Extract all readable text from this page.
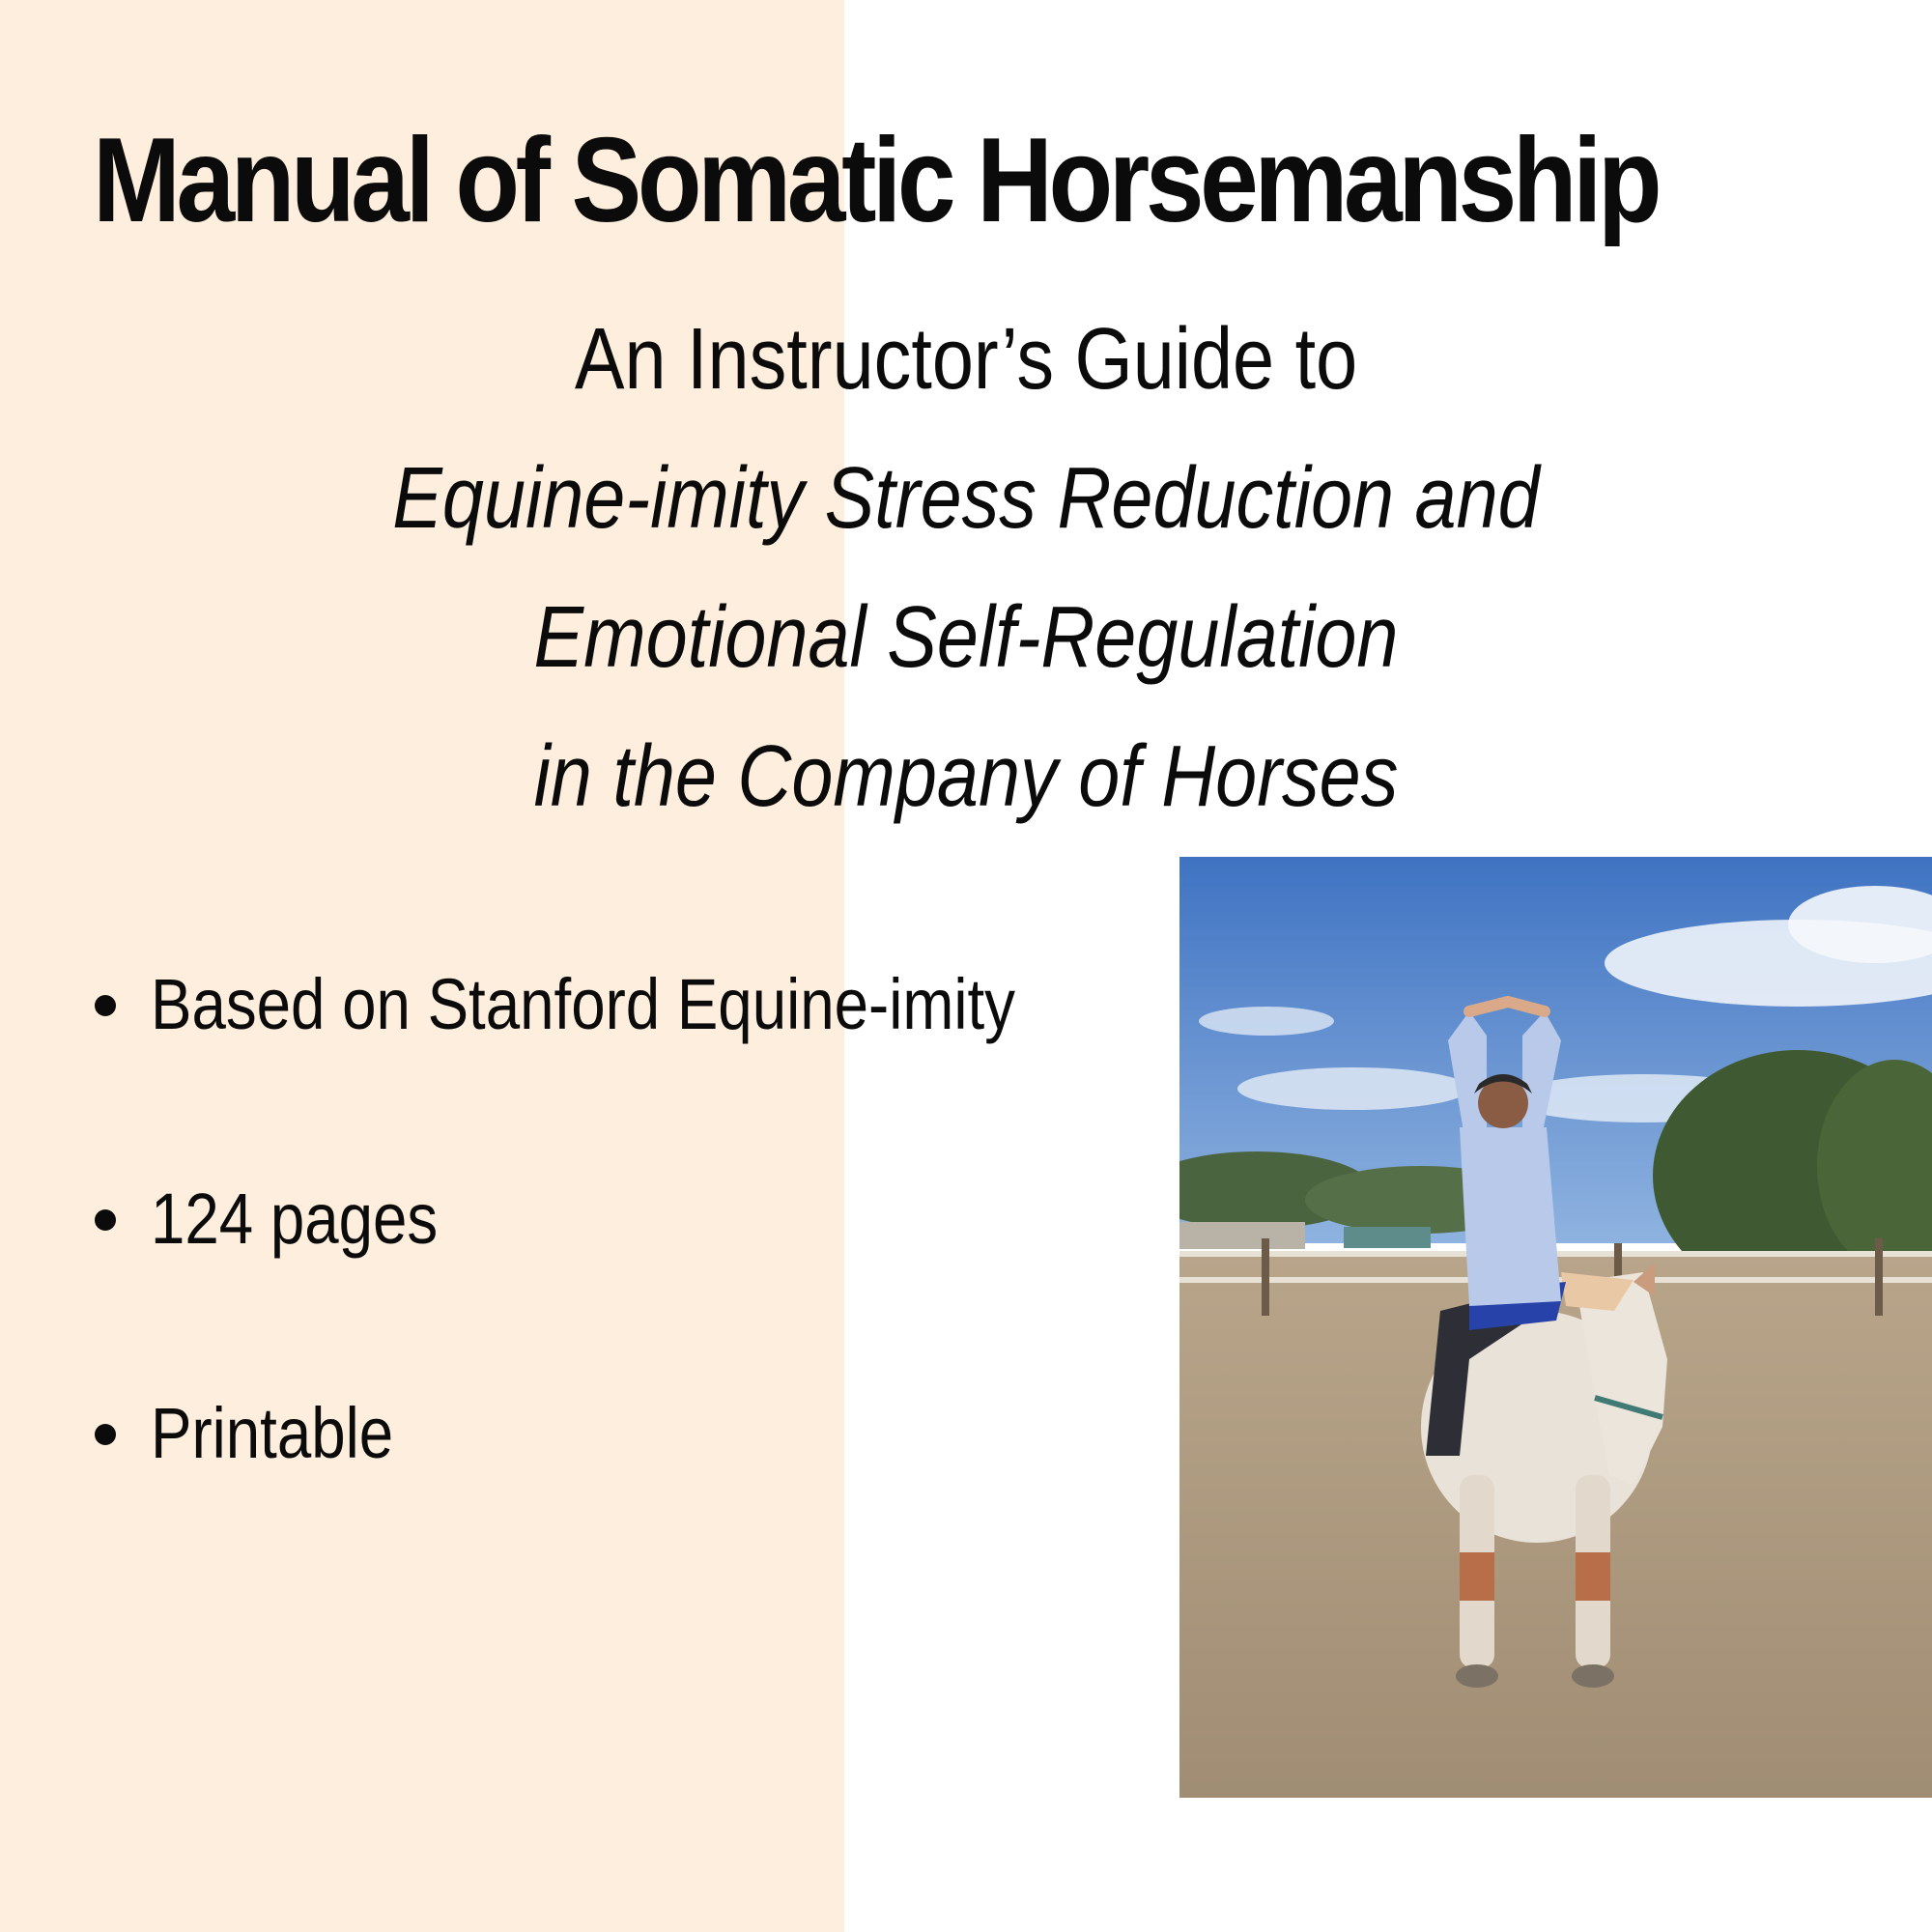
Manual of Somatic Horsemanship
An Instructor’s Guide to
Equine-imity Stress Reduction and
Emotional Self-Regulation
in the Company of Horses
Based on Stanford Equine-imity
124 pages
Printable
